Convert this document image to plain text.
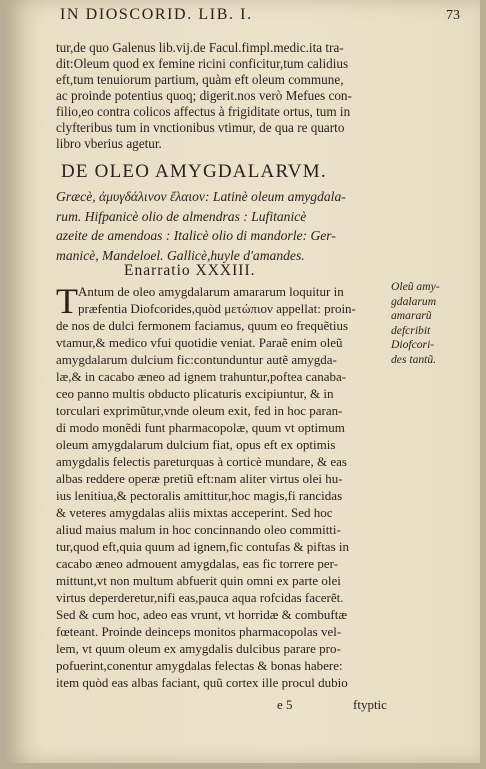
IN DIOSCORID. LIB. I.	73
tur,de quo Galenus lib.vij.de Facul.fimpl.medic.ita tra-
dit:Oleum quod ex femine ricini conficitur,tum calidius
eft,tum tenuiorum partium, quàm eft oleum commune,
ac proinde potentius quoq; digerit.nos verò Mefues con-
filio,eo contra colicos affectus à frigiditate ortus, tum in
clyfteribus tum in vnctionibus vtimur, de qua re quarto
libro vberius agetur.
DE OLEO AMYGDALARVM.
Græcè, ἀμυγδάλινον ἔλαιον: Latinè oleum amygdala-
rum. Hifpanicè olio de almendras : Lufitanicè
azeite de amendoas : Italicè olio di mandorle: Ger-
manicè, Mandeloel. Gallicè,huyle d'amandes.
Enarratio XXXIII.
T Antum de oleo amygdalarum amararum loquitur in
præfentia Diofcorides,quòd μετώπιον appellat: proin-
de nos de dulci fermonem faciamus, quum eo frequẽtius
vtamur,& medico vfui quotidie veniat. Paraẽ enim oleũ
amygdalarum dulcium fic:contunduntur autẽ amygda-
læ,& in cacabo æneo ad ignem trahuntur,poftea canaba-
ceo panno multis obducto plicaturis excipiuntur, & in
torculari exprimũtur,vnde oleum exit, fed in hoc paran-
di modo monẽdi funt pharmacopolæ, quum vt optimum
oleum amygdalarum dulcium fiat, opus eft ex optimis
amygdalis felectis pareturquas à corticè mundare, & eas
albas reddere operæ pretiũ eft:nam aliter virtus olei hu-
ius lenitiua,& pectoralis amittitur,hoc magis,fi rancidas
& veteres amygdalas aliis mixtas acceperint. Sed hoc
aliud maius malum in hoc concinnando oleo committi-
tur,quod eft,quia quum ad ignem,fic contufas & piftas in
cacabo æneo admouent amygdalas, eas fic torrere per-
mittunt,vt non multum abfuerit quin omni ex parte olei
virtus deperderetur,nifi eas,pauca aqua rofcidas facerẽt.
Sed & cum hoc, adeo eas vrunt, vt horridæ & combuftæ
fœteant. Proinde deinceps monitos pharmacopolas vel-
lem, vt quum oleum ex amygdalis dulcibus parare pro-
pofuerint,conentur amygdalas felectas & bonas habere:
item quòd eas albas faciant, quũ cortex ille procul dubio
Oleũ amy-
gdalarum
amararũ
defcribit
Diofcori-
des tantũ.
e 5	ftyptic
